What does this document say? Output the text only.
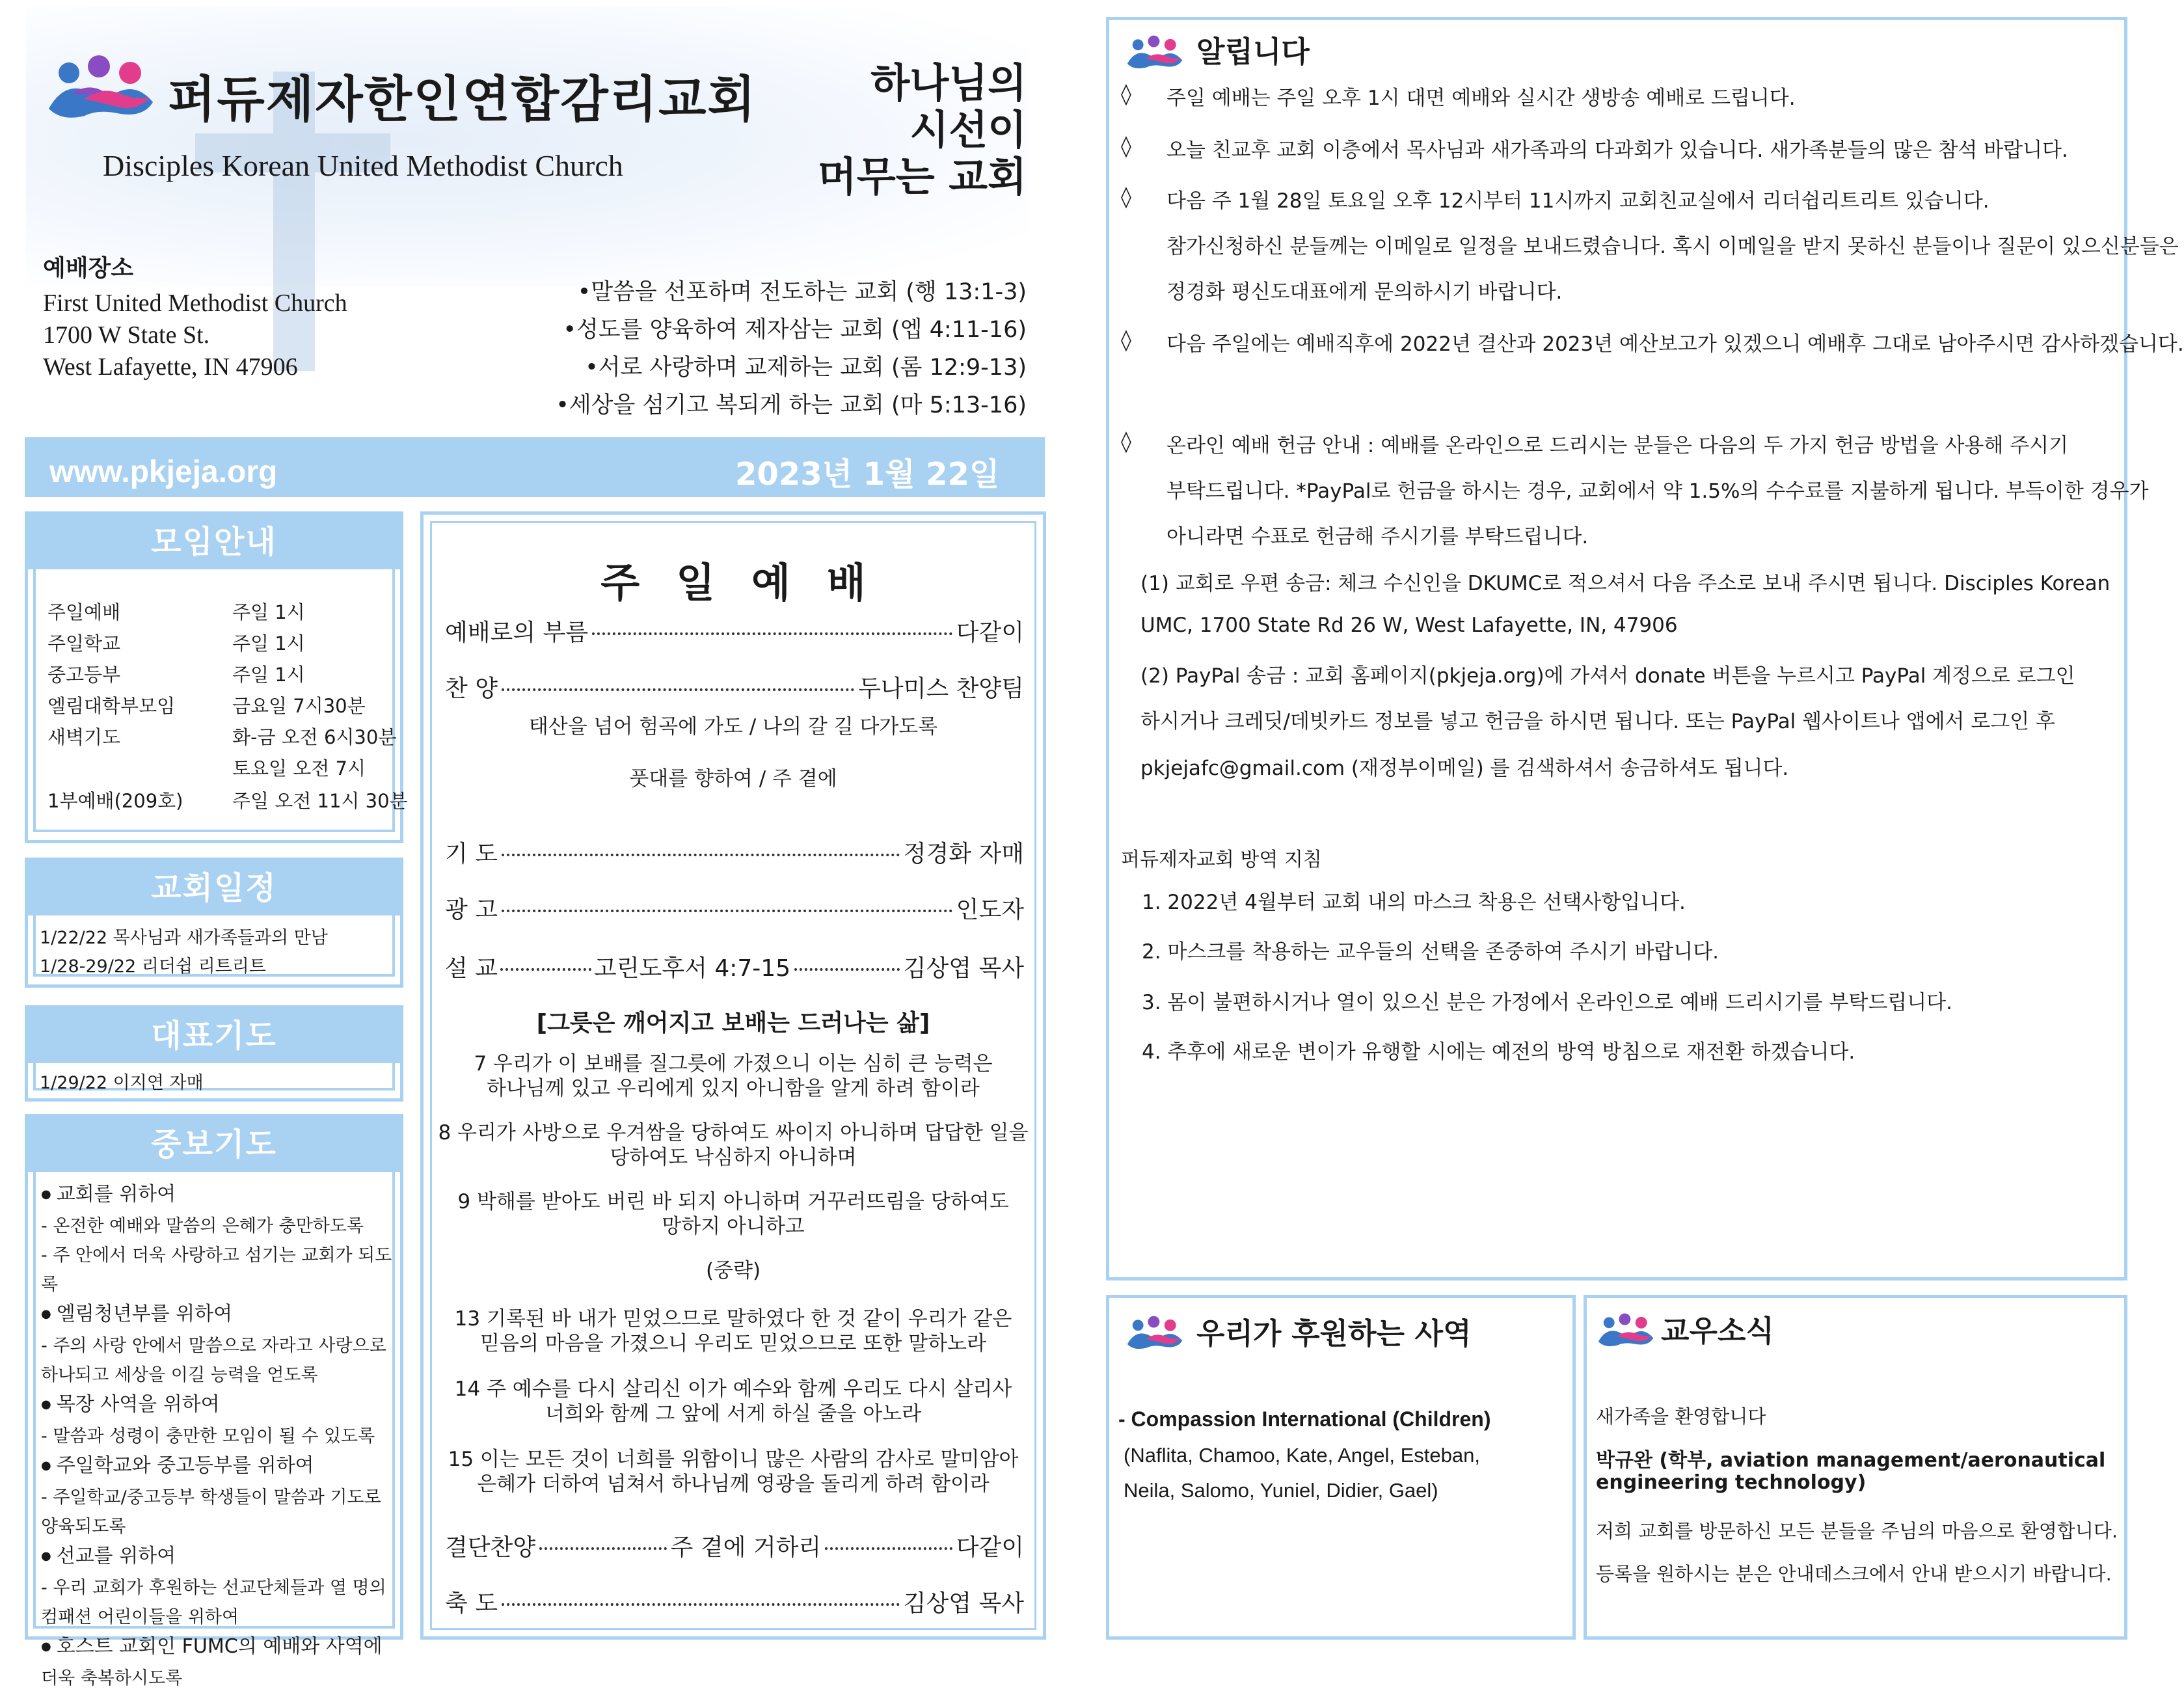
퍼듀제자한인연합감리교회
Disciples Korean United Methodist Church
하나님의
시선이
머무는 교회
예배장소
First United Methodist Church
1700 W State St.
West Lafayette, IN 47906
•말씀을 선포하며 전도하는 교회 (행 13:1-3)
•성도를 양육하여 제자삼는 교회 (엡 4:11-16)
•서로 사랑하며 교제하는 교회 (롬 12:9-13)
•세상을 섬기고 복되게 하는 교회 (마 5:13-16)
www.pkjeja.org	2023년 1월 22일
모임안내
주일예배	주일 1시
주일학교	주일 1시
중고등부	주일 1시
엘림대학부모임	금요일 7시30분
새벽기도	화-금 오전 6시30분
토요일 오전 7시
1부예배(209호)	주일 오전 11시 30분
교회일정
1/22/22 목사님과 새가족들과의 만남
1/28-29/22 리더쉽 리트리트
대표기도
1/29/22 이지연 자매
중보기도
● 교회를 위하여
- 온전한 예배와 말씀의 은혜가 충만하도록
- 주 안에서 더욱 사랑하고 섬기는 교회가 되도록
● 엘림청년부를 위하여
- 주의 사랑 안에서 말씀으로 자라고 사랑으로
하나되고 세상을 이길 능력을 얻도록
● 목장 사역을 위하여
- 말씀과 성령이 충만한 모임이 될 수 있도록
● 주일학교와 중고등부를 위하여
- 주일학교/중고등부 학생들이 말씀과 기도로
양육되도록
● 선교를 위하여
- 우리 교회가 후원하는 선교단체들과 열 명의
컴패션 어린이들을 위하여
● 호스트 교회인 FUMC의 예배와 사역에
더욱 축복하시도록
주일예배
예배로의 부름	다같이
찬 양	두나미스 찬양팀
태산을 넘어 험곡에 가도 / 나의 갈 길 다가도록
풋대를 향하여 / 주 곁에
기 도	정경화 자매
광 고	인도자
설 교	고린도후서 4:7-15	김상엽 목사
[그릇은 깨어지고 보배는 드러나는 삶]
7 우리가 이 보배를 질그릇에 가졌으니 이는 심히 큰 능력은
하나님께 있고 우리에게 있지 아니함을 알게 하려 함이라
8 우리가 사방으로 우겨쌈을 당하여도 싸이지 아니하며 답답한 일을
당하여도 낙심하지 아니하며
9 박해를 받아도 버린 바 되지 아니하며 거꾸러뜨림을 당하여도
망하지 아니하고
(중략)
13 기록된 바 내가 믿었으므로 말하였다 한 것 같이 우리가 같은
믿음의 마음을 가졌으니 우리도 믿었으므로 또한 말하노라
14 주 예수를 다시 살리신 이가 예수와 함께 우리도 다시 살리사
너희와 함께 그 앞에 서게 하실 줄을 아노라
15 이는 모든 것이 너희를 위함이니 많은 사람의 감사로 말미암아
은혜가 더하여 넘쳐서 하나님께 영광을 돌리게 하려 함이라
결단찬양	주 곁에 거하리	다같이
축 도	김상엽 목사
알립니다
◊ 주일 예배는 주일 오후 1시 대면 예배와 실시간 생방송 예배로 드립니다.
◊ 오늘 친교후 교회 이층에서 목사님과 새가족과의 다과회가 있습니다. 새가족분들의 많은 참석 바랍니다.
◊ 다음 주 1월 28일 토요일 오후 12시부터 11시까지 교회친교실에서 리더쉽리트리트 있습니다.
참가신청하신 분들께는 이메일로 일정을 보내드렸습니다. 혹시 이메일을 받지 못하신 분들이나 질문이 있으신분들은
정경화 평신도대표에게 문의하시기 바랍니다.
◊ 다음 주일에는 예배직후에 2022년 결산과 2023년 예산보고가 있겠으니 예배후 그대로 남아주시면 감사하겠습니다.
◊ 온라인 예배 헌금 안내 : 예배를 온라인으로 드리시는 분들은 다음의 두 가지 헌금 방법을 사용해 주시기
부탁드립니다. *PayPal로 헌금을 하시는 경우, 교회에서 약 1.5%의 수수료를 지불하게 됩니다. 부득이한 경우가
아니라면 수표로 헌금해 주시기를 부탁드립니다.
(1) 교회로 우편 송금: 체크 수신인을 DKUMC로 적으셔서 다음 주소로 보내 주시면 됩니다. Disciples Korean
UMC, 1700 State Rd 26 W, West Lafayette, IN, 47906
(2) PayPal 송금 : 교회 홈페이지(pkjeja.org)에 가셔서 donate 버튼을 누르시고 PayPal 계정으로 로그인
하시거나 크레딧/데빗카드 정보를 넣고 헌금을 하시면 됩니다. 또는 PayPal 웹사이트나 앱에서 로그인 후
pkjejafc@gmail.com (재정부이메일) 를 검색하셔서 송금하셔도 됩니다.
퍼듀제자교회 방역 지침
1. 2022년 4월부터 교회 내의 마스크 착용은 선택사항입니다.
2. 마스크를 착용하는 교우들의 선택을 존중하여 주시기 바랍니다.
3. 몸이 불편하시거나 열이 있으신 분은 가정에서 온라인으로 예배 드리시기를 부탁드립니다.
4. 추후에 새로운 변이가 유행할 시에는 예전의 방역 방침으로 재전환 하겠습니다.
우리가 후원하는 사역
- Compassion International (Children)
(Naflita, Chamoo, Kate, Angel, Esteban,
Neila, Salomo, Yuniel, Didier, Gael)
교우소식
새가족을 환영합니다
박규완 (학부, aviation management/aeronautical
engineering technology)
저희 교회를 방문하신 모든 분들을 주님의 마음으로 환영합니다.
등록을 원하시는 분은 안내데스크에서 안내 받으시기 바랍니다.
